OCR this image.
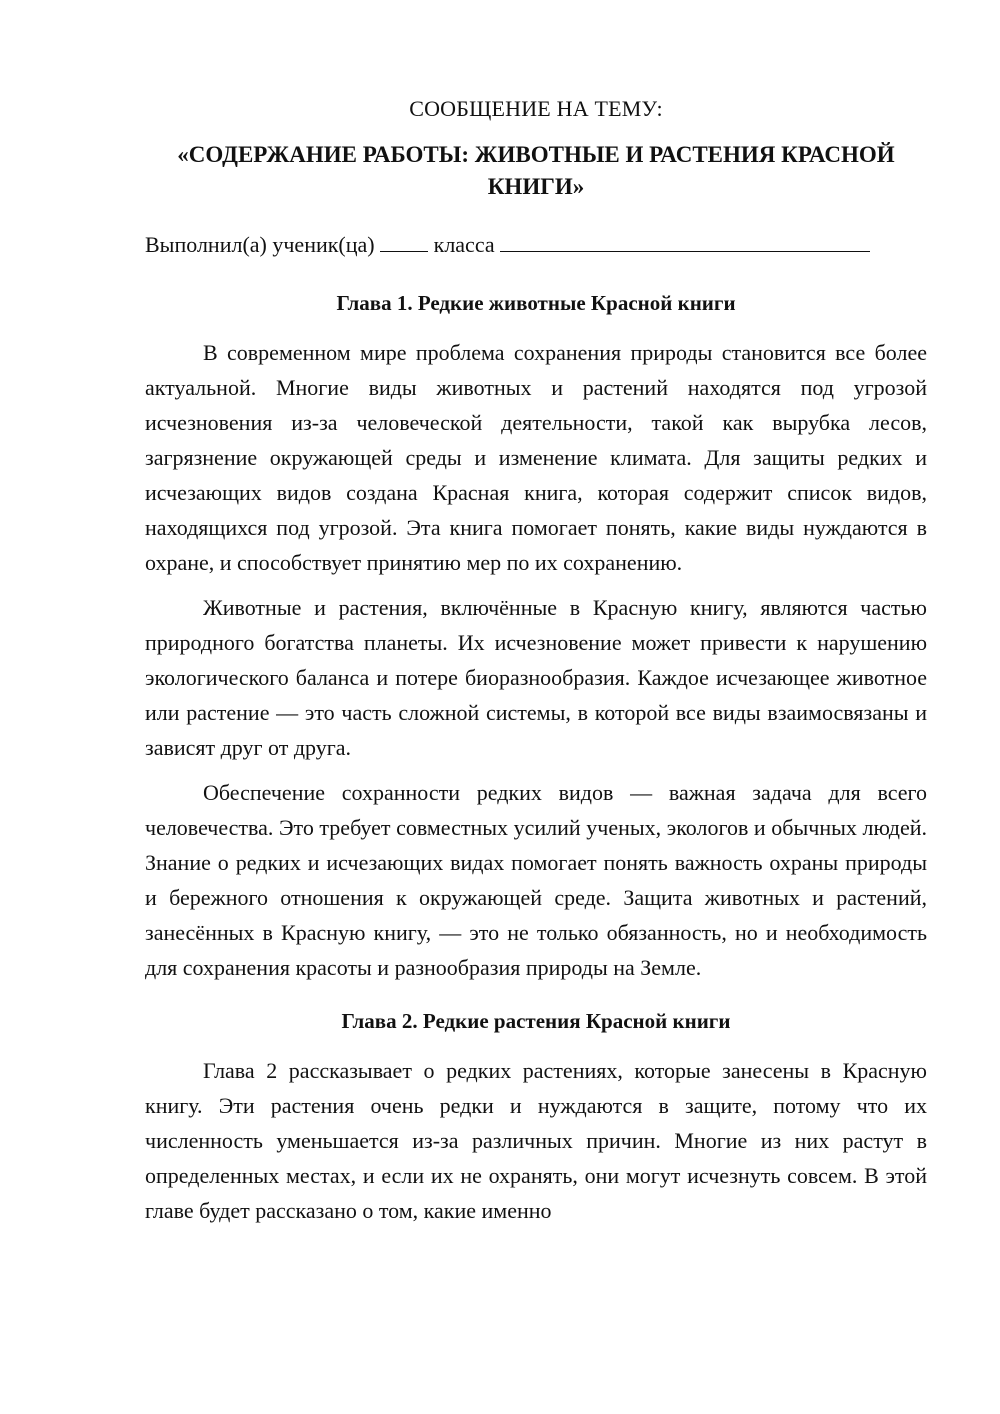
СООБЩЕНИЕ НА ТЕМУ:

«СОДЕРЖАНИЕ РАБОТЫ: ЖИВОТНЫЕ И РАСТЕНИЯ КРАСНОЙ КНИГИ»

Выполнил(а) ученик(ца)	класса

Глава 1. Редкие животные Красной книги

В современном мире проблема сохранения природы становится все более актуальной. Многие виды животных и растений находятся под угрозой исчезновения из-за человеческой деятельности, такой как вырубка лесов, загрязнение окружающей среды и изменение климата. Для защиты редких и исчезающих видов создана Красная книга, которая содержит список видов, находящихся под угрозой. Эта книга помогает понять, какие виды нуждаются в охране, и способствует принятию мер по их сохранению.

Животные и растения, включённые в Красную книгу, являются частью природного богатства планеты. Их исчезновение может привести к нарушению экологического баланса и потере биоразнообразия. Каждое исчезающее животное или растение — это часть сложной системы, в которой все виды взаимосвязаны и зависят друг от друга.

Обеспечение сохранности редких видов — важная задача для всего человечества. Это требует совместных усилий ученых, экологов и обычных людей. Знание о редких и исчезающих видах помогает понять важность охраны природы и бережного отношения к окружающей среде. Защита животных и растений, занесённых в Красную книгу, — это не только обязанность, но и необходимость для сохранения красоты и разнообразия природы на Земле.

Глава 2. Редкие растения Красной книги

Глава 2 рассказывает о редких растениях, которые занесены в Красную книгу. Эти растения очень редки и нуждаются в защите, потому что их численность уменьшается из-за различных причин. Многие из них растут в определенных местах, и если их не охранять, они могут исчезнуть совсем. В этой главе будет рассказано о том, какие именно
